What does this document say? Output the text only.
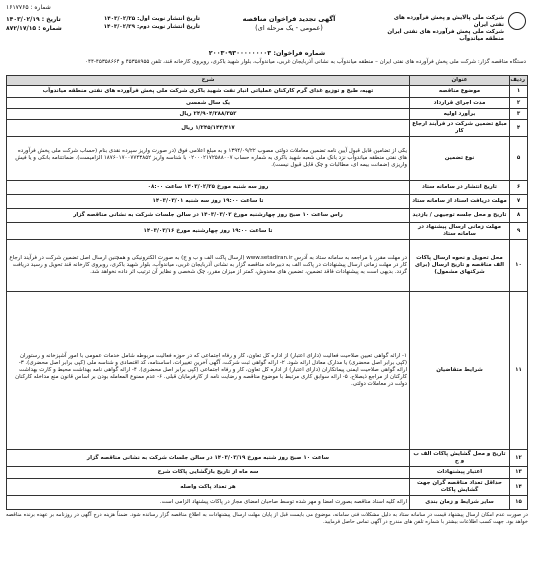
۱۶۱۷۷۶۵ : شماره
شرکت ملی پالایش و پخش فرآورده های نفتی ایران
شرکت ملی پخش فرآورده های نفتی ایران
منطقه میاندوآب
آگهی تجدید فراخوان مناقصه
(عمومی - یک مرحله ای)
تاریخ انتشار نوبت اول: ۱۴۰۳/۰۲/۲۵
تاریخ انتشار نوبت دوم: ۱۴۰۳/۰۲/۲۹
تاریخ : ۱۴۰۳/۰۲/۱۹
شماره : ۸۷۲/۱۷/۱۵
شماره فراخوان: ۲۰۰۳۰۹۳۰۰۰۰۰۰۰۰۳
دستگاه مناقصه گزار: شرکت ملی پخش فرآورده های نفتی ایران – منطقه میاندوآب به نشانی آذربایجان غربی، میاندوآب، بلوار شهید باکری، روبروی کارخانه قند، تلفن ۴۵۳۵۸۹۵۵ و ۴۵۳۵۸۶۶۴-۰۴۴
ردیف	عنوان	شرح
۱	موضوع مناقصه	تهیه، طبخ و توزیع غذای گرم کارکنان عملیاتی انبار نفت شهید باکری شرکت ملی پخش فرآورده های نفتی منطقه میاندوآب
۲	مدت اجرای قرارداد	یک سال شمسی
۳	برآورد اولیه	۲۴/۹۰۴/۲۸۸/۳۵۲ ریال
۴	مبلغ تضمین شرکت در فرآیند ارجاع کار	۱/۲۴۵/۱۴۴/۴۱۷ ریال
۵	نوع تضمین	یکی از تضامین قابل قبول آیین نامه تضمین معاملات دولتی مصوب ۱۳۹۴/۰۹/۲۲ و به مبلغ اعلامی فوق (در صورت واریز سپرده نقدی بنام (حساب شرکت ملی پخش فرآورده های نفتی منطقه میاندوآب نزد بانک ملی شعبه شهید باکری به شماره حساب ۰۲۰۰۰۲۱۷۲۵۸۸۰۰۷ با شناسه واریز ۱۸۷۶۰۱۷۰۰۷۷۴۳۸۵۲ الزامیست). ضمانتنامه بانکی و یا فیش واریزی (ضمانت بیمه ای، مطالبات و چک قابل قبول نیست).
۶	تاریخ انتشار در سامانه ستاد	روز سه شنبه مورخ ۱۴۰۳/۰۲/۲۵ ساعت ۰۸:۰۰
۷	مهلت دریافت اسناد از سامانه ستاد	تا ساعت ۱۹:۰۰ روز سه شنبه ۱۴۰۳/۰۳/۰۱
۸	تاریخ و محل جلسه توجیهی / بازدید	راس ساعت ۱۰ صبح روز چهارشنبه مورخ ۱۴۰۳/۰۳/۰۲ در سالن جلسات شرکت به نشانی مناقصه گزار
۹	مهلت زمانی ارسال پیشنهاد در سامانه ستاد	تا ساعت ۱۹:۰۰ روز چهارشنبه مورخ ۱۴۰۳/۰۳/۱۶
۱۰	محل تحویل و نحوه ارسال پاکات الف مناقصه و تاریخ ارسال (برای شرکتهای مشمول)	در مهلت مقرر با مراجعه به سامانه ستاد به آدرس www.setadiran.ir (ارسال پاکت الف و ب و ج) به صورت الکترونیکی و همچنین ارسال اصل تضمین شرکت در فرآیند ارجاع کار در مهلت زمانی ارسال پیشنهادات در پاکت الف به دبیرخانه مناقصه گزار به نشانی آذربایجان غربی، میاندوآب، بلوار شهید باکری، روبروی کارخانه قند تحویل و رسید دریافت گردد. بدیهی است به پیشنهادات فاقد تضمین، تضمین های مخدوش، کمتر از میزان مقرر، چک شخصی و نظایر آن ترتیب اثر داده نخواهد شد.
۱۱	شرایط متقاضیان	۱- ارائه گواهی تعیین صلاحیت فعالیت (دارای اعتبار) از اداره کل تعاون، کار و رفاه اجتماعی که در حوزه فعالیت مربوطه شامل خدمات عمومی با امور آشپزخانه و رستوران (کپی برابر اصل محضری) یا مدارک معادل ارائه شود. ۲- ارائه گواهی ثبت شرکت، آگهی آخرین تغییرات، اساسنامه، کد اقتصادی و شناسه ملی (کپی برابر اصل محضری). ۳- ارائه گواهی صلاحیت ایمنی پیمانکاران (دارای اعتبار) از اداره کل تعاون، کار و رفاه اجتماعی (کپی برابر اصل محضری). ۴- ارائه گواهی نامه بهداشت محیط و کارت بهداشت کارکنان از مراجع ذیصلاح. ۵- ارائه سوابق کاری مرتبط با موضوع مناقصه و رضایت نامه از کارفرمایان قبلی. ۶- عدم ممنوع المعامله بودن بر اساس قانون منع مداخله کارکنان دولت در معاملات دولتی.
۱۲	تاریخ و محل گشایش پاکات الف ب و ج	ساعت ۱۰ صبح روز شنبه مورخ ۱۴۰۳/۰۳/۱۹ در سالن جلسات شرکت به نشانی مناقصه گزار
۱۳	اعتبار پیشنهادات	سه ماه از تاریخ بازگشایی پاکات شرح
۱۴	حداقل تعداد مناقصه گران جهت گشایش پاکات	هر تعداد پاکت واصله
۱۵	سایر شرایط و زمان بندی	ارائه کلیه اسناد مناقصه بصورت امضا و مهر شده توسط صاحبان امضای مجاز در پاکات پیشنهاد الزامی است.
در صورت عدم امکان ارسال پیشنهاد قیمت در سامانه ستاد به دلیل مشکلات فنی سامانه، موضوع می بایست قبل از پایان مهلت ارسال پیشنهادات به اطلاع مناقصه گزار رسانده شود. ضمناً هزینه درج آگهی در روزنامه بر عهده برنده مناقصه خواهد بود. جهت کسب اطلاعات بیشتر با شماره تلفن های مندرج در آگهی تماس حاصل فرمایید.
